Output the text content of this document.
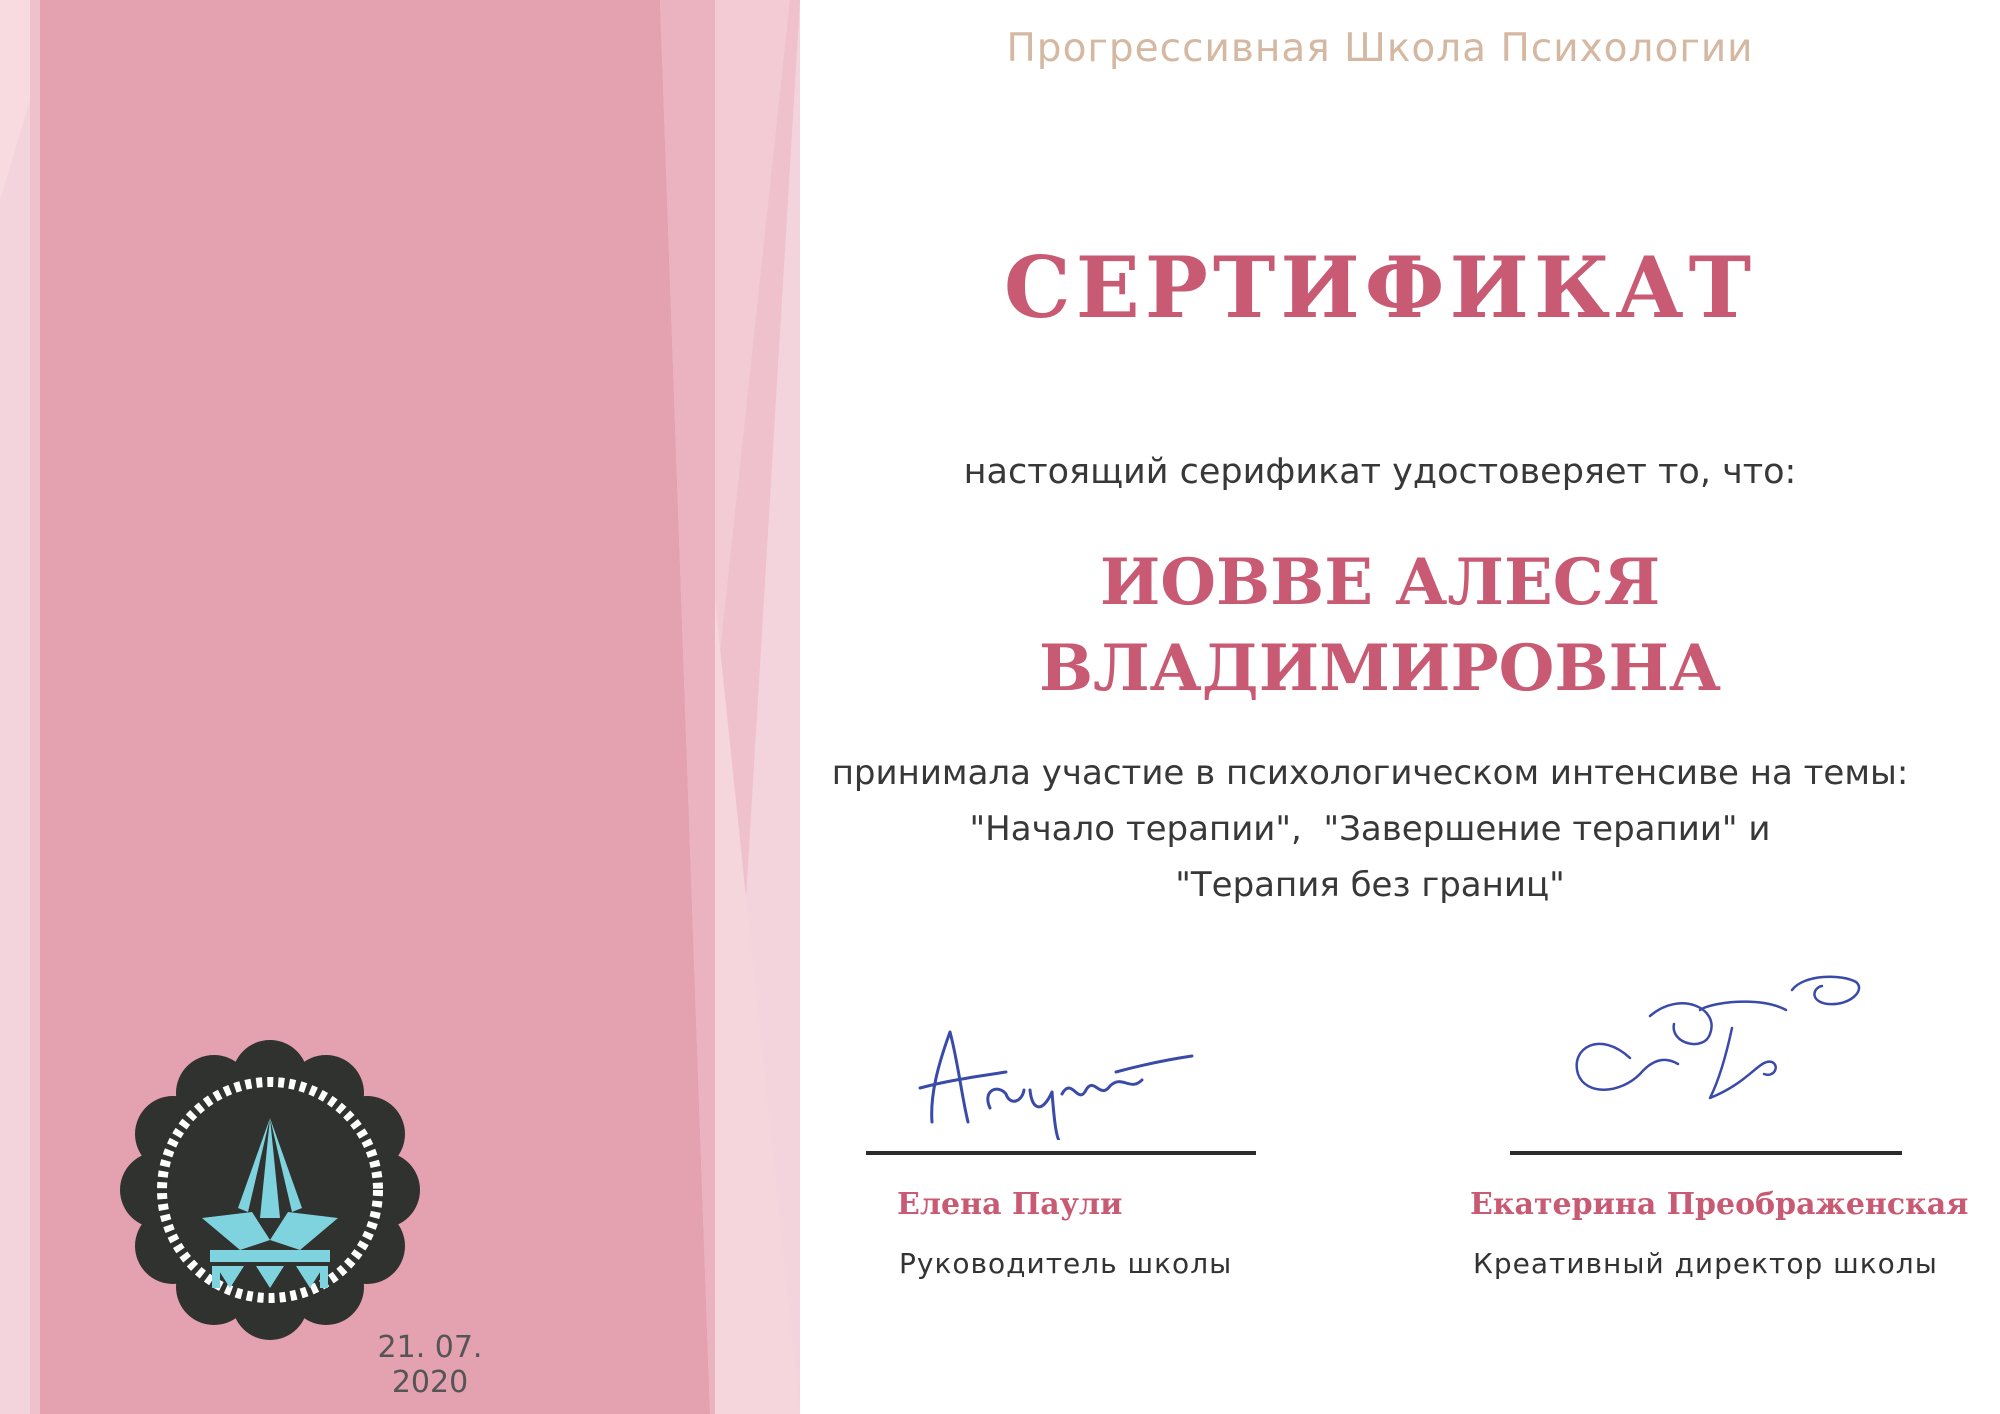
Прогрессивная Школа Психологии
СЕРТИФИКАТ
настоящий серификат удостоверяет то, что:
ИОВВЕ АЛЕСЯ
ВЛАДИМИРОВНА
принимала участие в психологическом интенсиве на темы:
"Начало терапии",  "Завершение терапии" и
"Терапия без границ"
Елена Паули
Руководитель школы
Екатерина Преображенская
Креативный директор школы
21. 07. 2020
